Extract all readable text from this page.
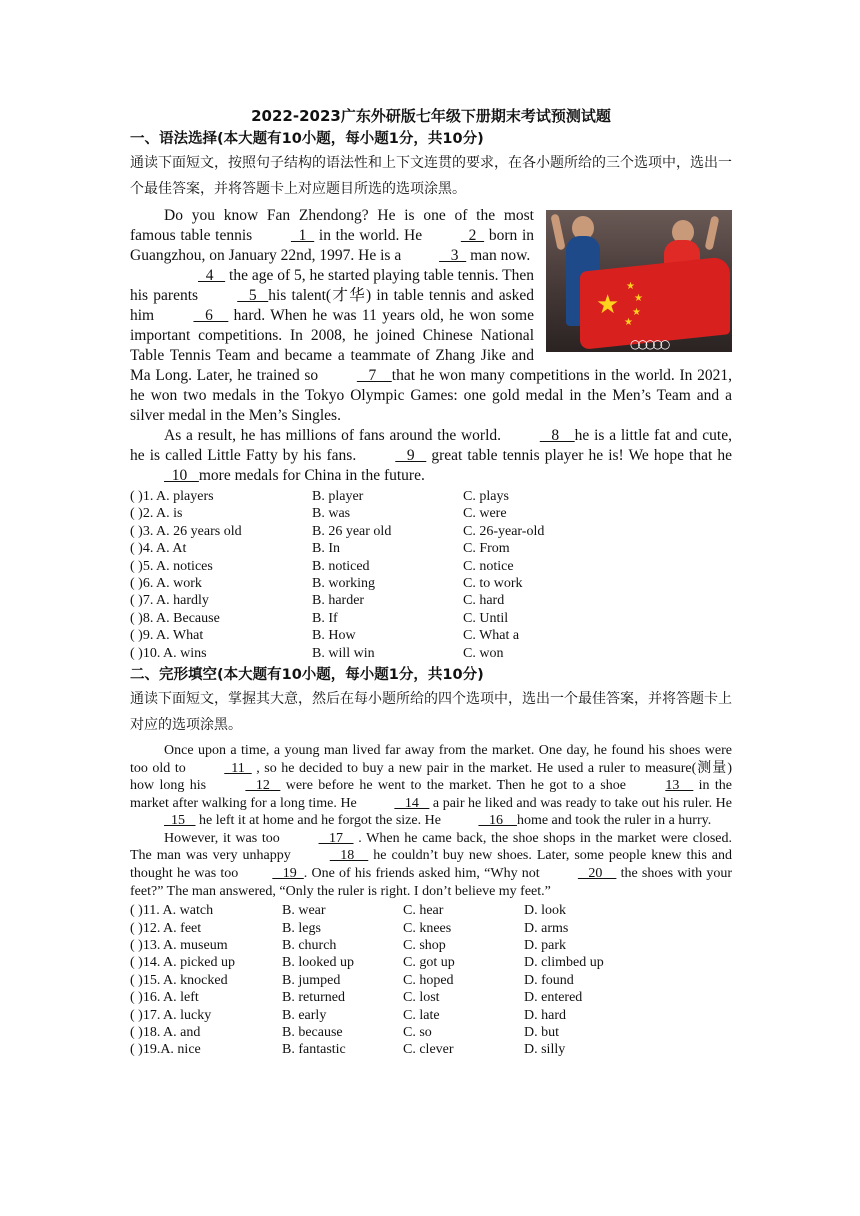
2022-2023广东外研版七年级下册期末考试预测试题
一、语法选择(本大题有10小题，每小题1分，共10分)
通读下面短文，按照句子结构的语法性和上下文连贯的要求，在各小题所给的三个选项中，选出一个最佳答案，并将答题卡上对应题目所选的选项涂黑。
★
★
★
★
★
○○○○○

Do you know Fan Zhendong? He is one of the most famous table tennis   1   in the world. He   2   born in Guangzhou, on January 22nd, 1997. He is a    3   man now.

4    the age of 5, he started playing table tennis. Then his parents    5   his talent(才华) in table tennis and asked him    6     hard. When he was 11 years old, he won some important competitions. In 2008, he joined Chinese National Table Tennis Team and became a teammate of Zhang Jike and Ma Long. Later, he trained so    7    that he won many competitions in the world. In 2021, he won two medals in the Tokyo Olympic Games: one gold medal in the Men’s Team and a silver medal in the Men’s Singles.

As a result, he has millions of fans around the world.    8    he is a little fat and cute, he is called Little Fatty by his fans.    9    great table tennis player he is! We hope that he   10   more medals for China in the future.

( )1. A. players	B. player	C. plays
( )2. A. is	B. was	C. were
( )3. A. 26 years old	B. 26 year old	C. 26-year-old
( )4. A. At	B. In	C. From
( )5. A. notices	B. noticed	C. notice
( )6. A. work	B. working	C. to work
( )7. A. hardly	B. harder	C. hard
( )8. A. Because	B. If	C. Until
( )9. A. What	B. How	C. What a
( )10. A. wins	B. will win	C. won
二、完形填空(本大题有10小题，每小题1分，共10分)
通读下面短文，掌握其大意，然后在每小题所给的四个选项中，选出一个最佳答案，并将答题卡上对应的选项涂黑。

Once upon a time, a young man lived far away from the market. One day, he found his shoes were too old to   11   , so he decided to buy a new pair in the market. He used a ruler to measure(测量) how long his    12    were before he went to the market. Then he got to a shoe 13     in the market after walking for a long time. He    14    a pair he liked and was ready to take out his ruler. He   15    he left it at home and he forgot the size. He    16    home and took the ruler in a hurry.

However, it was too    17    . When he came back, the shoe shops in the market were closed. The man was very unhappy    18     he couldn’t buy new shoes. Later, some people knew this and thought he was too   19  . One of his friends asked him, “Why not    20     the shoes with your feet?” The man answered, “Only the ruler is right. I don’t believe my feet.”

( )11. A. watch	B. wear	C. hear	D. look
( )12. A. feet	B. legs	C. knees	D. arms
( )13. A. museum	B. church	C. shop	D. park
( )14. A. picked up	B. looked up	C. got up	D. climbed up
( )15. A. knocked	B. jumped	C. hoped	D. found
( )16. A. left	B. returned	C. lost	D. entered
( )17. A. lucky	B. early	C. late	D. hard
( )18. A. and	B. because	C. so	D. but
( )19.A. nice	B. fantastic	C. clever	D. silly
